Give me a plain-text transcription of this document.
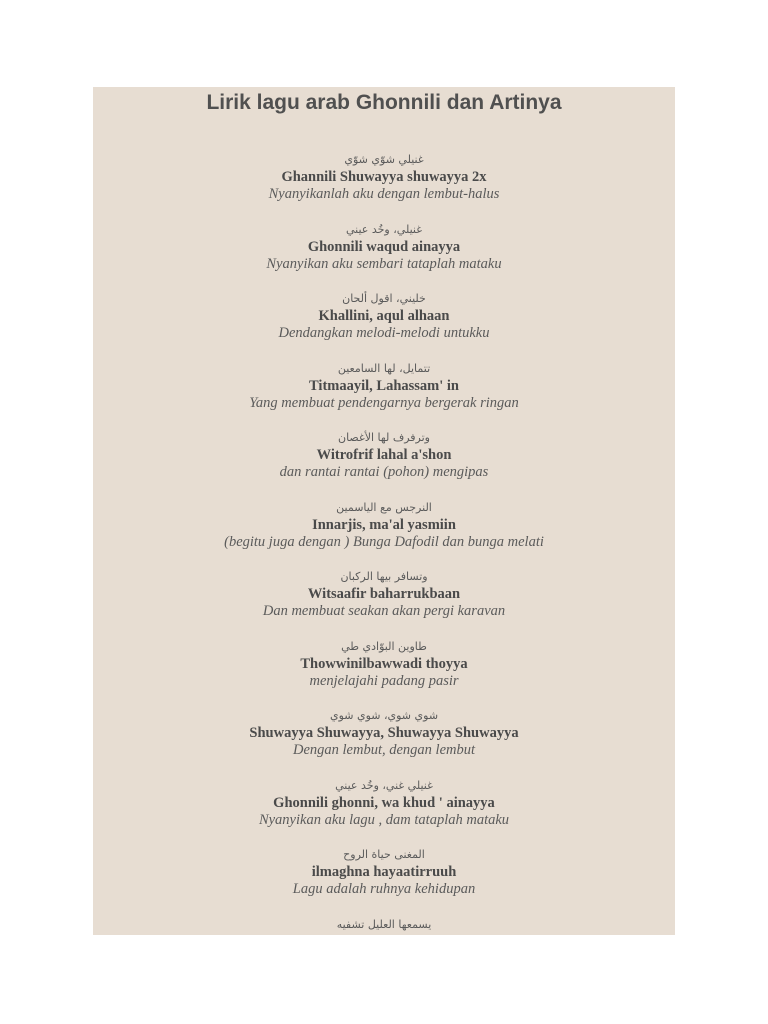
Lirik lagu arab Ghonnili dan Artinya
غنيلي شوّي شوّي
Ghannili Shuwayya shuwayya 2x
Nyanyikanlah aku dengan lembut-halus
غنيلي، وخُد عيني
Ghonnili waqud ainayya
Nyanyikan aku sembari tataplah mataku
خليني، اقول ألحان
Khallini, aqul alhaan
Dendangkan melodi-melodi untukku
تتمايل، لها السامعين
Titmaayil, Lahassam' in
Yang membuat pendengarnya bergerak ringan
وترفرف لها الأغصان
Witrofrif lahal a'shon
dan rantai rantai (pohon) mengipas
النرجس مع الياسمين
Innarjis, ma'al yasmiin
(begitu juga dengan ) Bunga Dafodil dan bunga melati
وتسافر بيها الركبان
Witsaafir baharrukbaan
Dan membuat seakan akan pergi karavan
طاوين البوّادي طي
Thowwinilbawwadi thoyya
menjelajahi padang pasir
شوي شوي، شوي شوي
Shuwayya Shuwayya, Shuwayya Shuwayya
Dengan lembut, dengan lembut
غنيلي غني، وخُد عيني
Ghonnili ghonni, wa khud ' ainayya
Nyanyikan aku lagu , dam tataplah mataku
المغنى حياة الروح
ilmaghna hayaatirruuh
Lagu adalah ruhnya kehidupan
يسمعها العليل تشفيه
